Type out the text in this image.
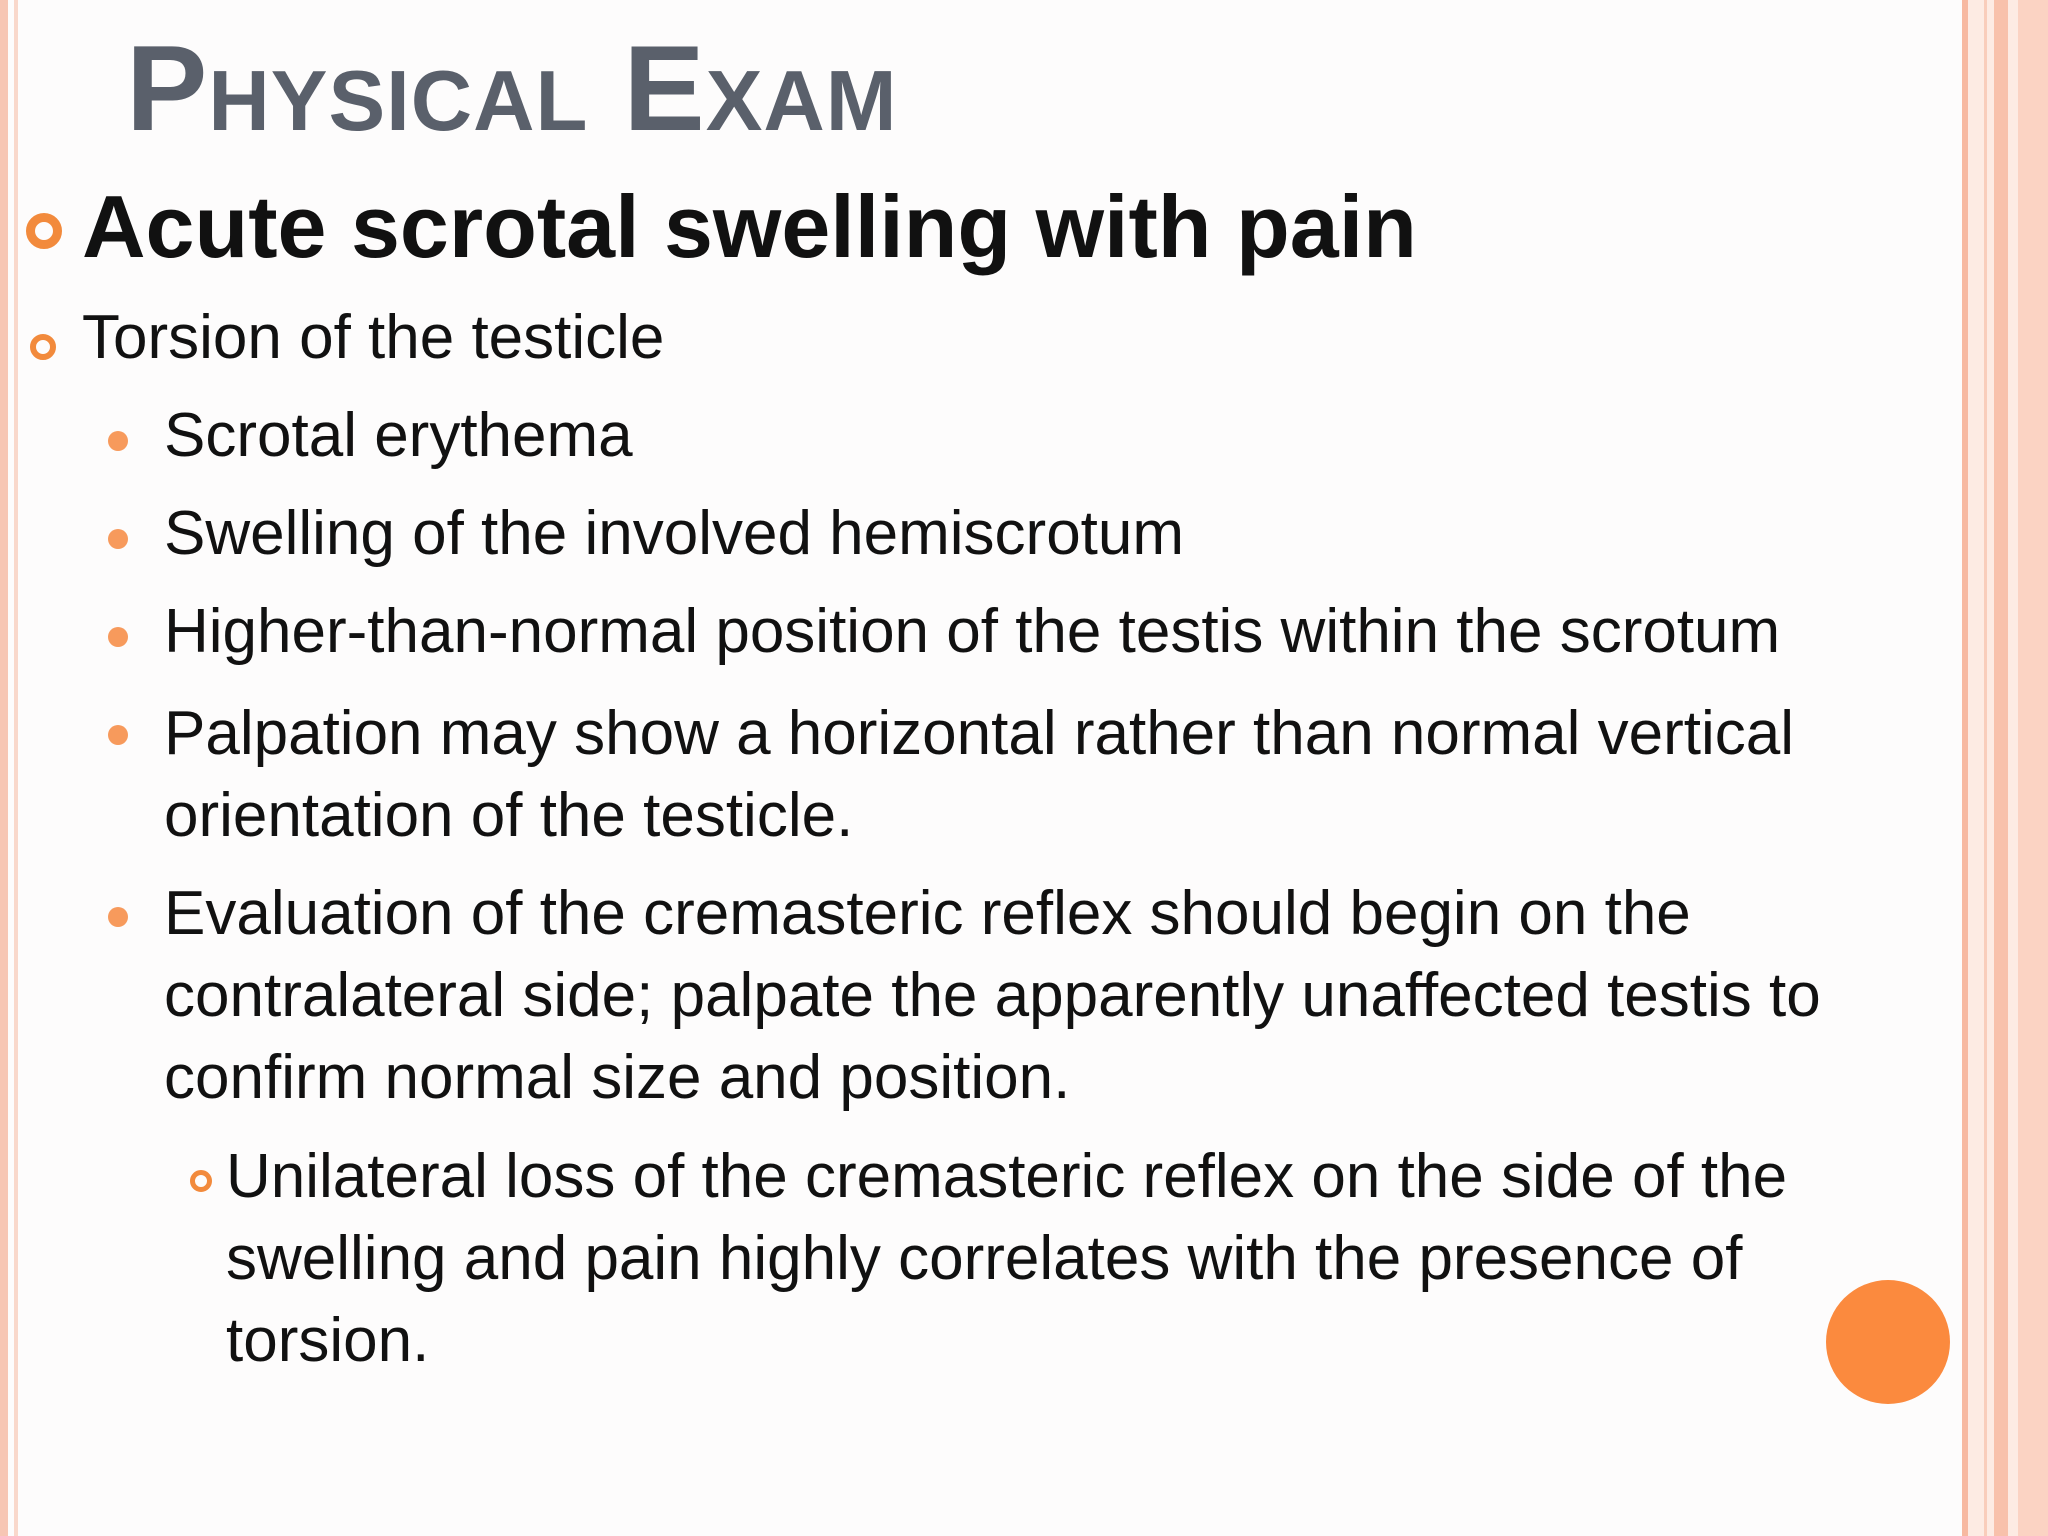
Physical Exam

Acute scrotal swelling with pain

Torsion of the testicle

Scrotal erythema

Swelling of the involved hemiscrotum

Higher-than-normal position of the testis within the scrotum

Palpation may show a horizontal rather than normal vertical

orientation of the testicle.

Evaluation of the cremasteric reflex should begin on the

contralateral side; palpate the apparently unaffected testis to

confirm normal size and position.

Unilateral loss of the cremasteric reflex on the side of the

swelling and pain highly correlates with the presence of

torsion.
